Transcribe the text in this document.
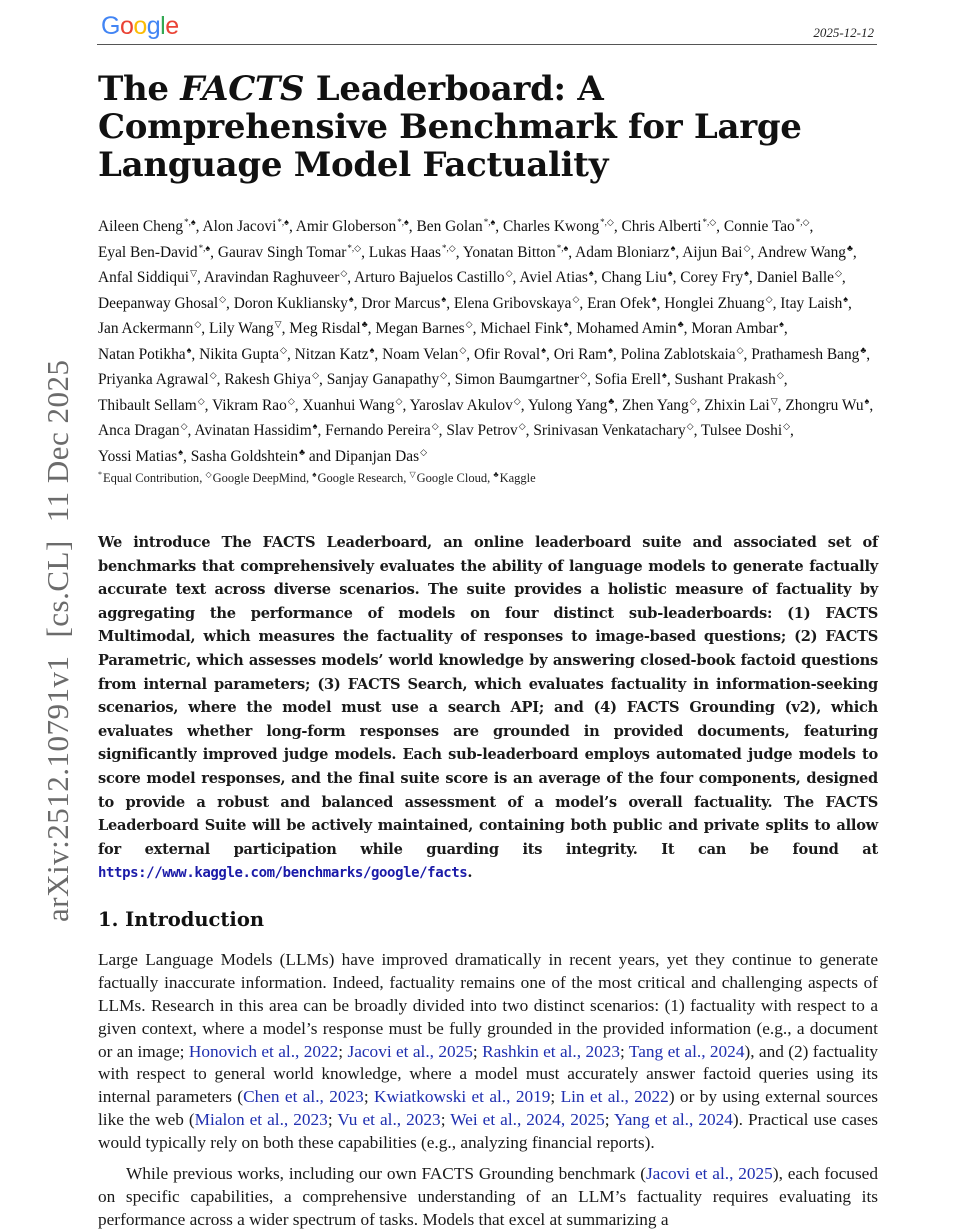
Google	2025-12-12
arXiv:2512.10791v1[cs.CL]11 Dec 2025
The FACTS Leaderboard: A Comprehensive Benchmark for Large Language Model Factuality
Aileen Cheng*,♠, Alon Jacovi*,♠, Amir Globerson*,♠, Ben Golan*,♠, Charles Kwong*,◇, Chris Alberti*,◇, Connie Tao*,◇, Eyal Ben-David*,♠, Gaurav Singh Tomar*,◇, Lukas Haas*,◇, Yonatan Bitton*,♠, Adam Bloniarz♠, Aijun Bai◇, Andrew Wang♣, Anfal Siddiqui▽, Aravindan Raghuveer◇, Arturo Bajuelos Castillo◇, Aviel Atias♠, Chang Liu♠, Corey Fry♠, Daniel Balle◇, Deepanway Ghosal◇, Doron Kukliansky♠, Dror Marcus♠, Elena Gribovskaya◇, Eran Ofek♠, Honglei Zhuang◇, Itay Laish♠, Jan Ackermann◇, Lily Wang▽, Meg Risdal♣, Megan Barnes◇, Michael Fink♠, Mohamed Amin♣, Moran Ambar♠, Natan Potikha♠, Nikita Gupta◇, Nitzan Katz♠, Noam Velan◇, Ofir Roval♠, Ori Ram♠, Polina Zablotskaia◇, Prathamesh Bang♣, Priyanka Agrawal◇, Rakesh Ghiya◇, Sanjay Ganapathy◇, Simon Baumgartner◇, Sofia Erell♠, Sushant Prakash◇, Thibault Sellam◇, Vikram Rao◇, Xuanhui Wang◇, Yaroslav Akulov◇, Yulong Yang♣, Zhen Yang◇, Zhixin Lai▽, Zhongru Wu♠, Anca Dragan◇, Avinatan Hassidim♠, Fernando Pereira◇, Slav Petrov◇, Srinivasan Venkatachary◇, Tulsee Doshi◇, Yossi Matias♠, Sasha Goldshtein♣ and Dipanjan Das◇
*Equal Contribution, ◇Google DeepMind, ♠Google Research, ▽Google Cloud, ♣Kaggle
We introduce The FACTS Leaderboard, an online leaderboard suite and associated set of benchmarks that comprehensively evaluates the ability of language models to generate factually accurate text across diverse scenarios. The suite provides a holistic measure of factuality by aggregating the performance of models on four distinct sub-leaderboards: (1) FACTS Multimodal, which measures the factuality of responses to image-based questions; (2) FACTS Parametric, which assesses models’ world knowledge by answering closed-book factoid questions from internal parameters; (3) FACTS Search, which evaluates factuality in information-seeking scenarios, where the model must use a search API; and (4) FACTS Grounding (v2), which evaluates whether long-form responses are grounded in provided documents, featuring significantly improved judge models. Each sub-leaderboard employs automated judge models to score model responses, and the final suite score is an average of the four components, designed to provide a robust and balanced assessment of a model’s overall factuality. The FACTS Leaderboard Suite will be actively maintained, containing both public and private splits to allow for external participation while guarding its integrity. It can be found at https://www.kaggle.com/benchmarks/google/facts.
1. Introduction

Large Language Models (LLMs) have improved dramatically in recent years, yet they continue to generate factually inaccurate information. Indeed, factuality remains one of the most critical and challenging aspects of LLMs. Research in this area can be broadly divided into two distinct scenarios: (1) factuality with respect to a given context, where a model’s response must be fully grounded in the provided information (e.g., a document or an image; Honovich et al., 2022; Jacovi et al., 2025; Rashkin et al., 2023; Tang et al., 2024), and (2) factuality with respect to general world knowledge, where a model must accurately answer factoid queries using its internal parameters (Chen et al., 2023; Kwiatkowski et al., 2019; Lin et al., 2022) or by using external sources like the web (Mialon et al., 2023; Vu et al., 2023; Wei et al., 2024, 2025; Yang et al., 2024). Practical use cases would typically rely on both these capabilities (e.g., analyzing financial reports).

While previous works, including our own FACTS Grounding benchmark (Jacovi et al., 2025), each focused on specific capabilities, a comprehensive understanding of an LLM’s factuality requires evaluating its performance across a wider spectrum of tasks. Models that excel at summarizing a
